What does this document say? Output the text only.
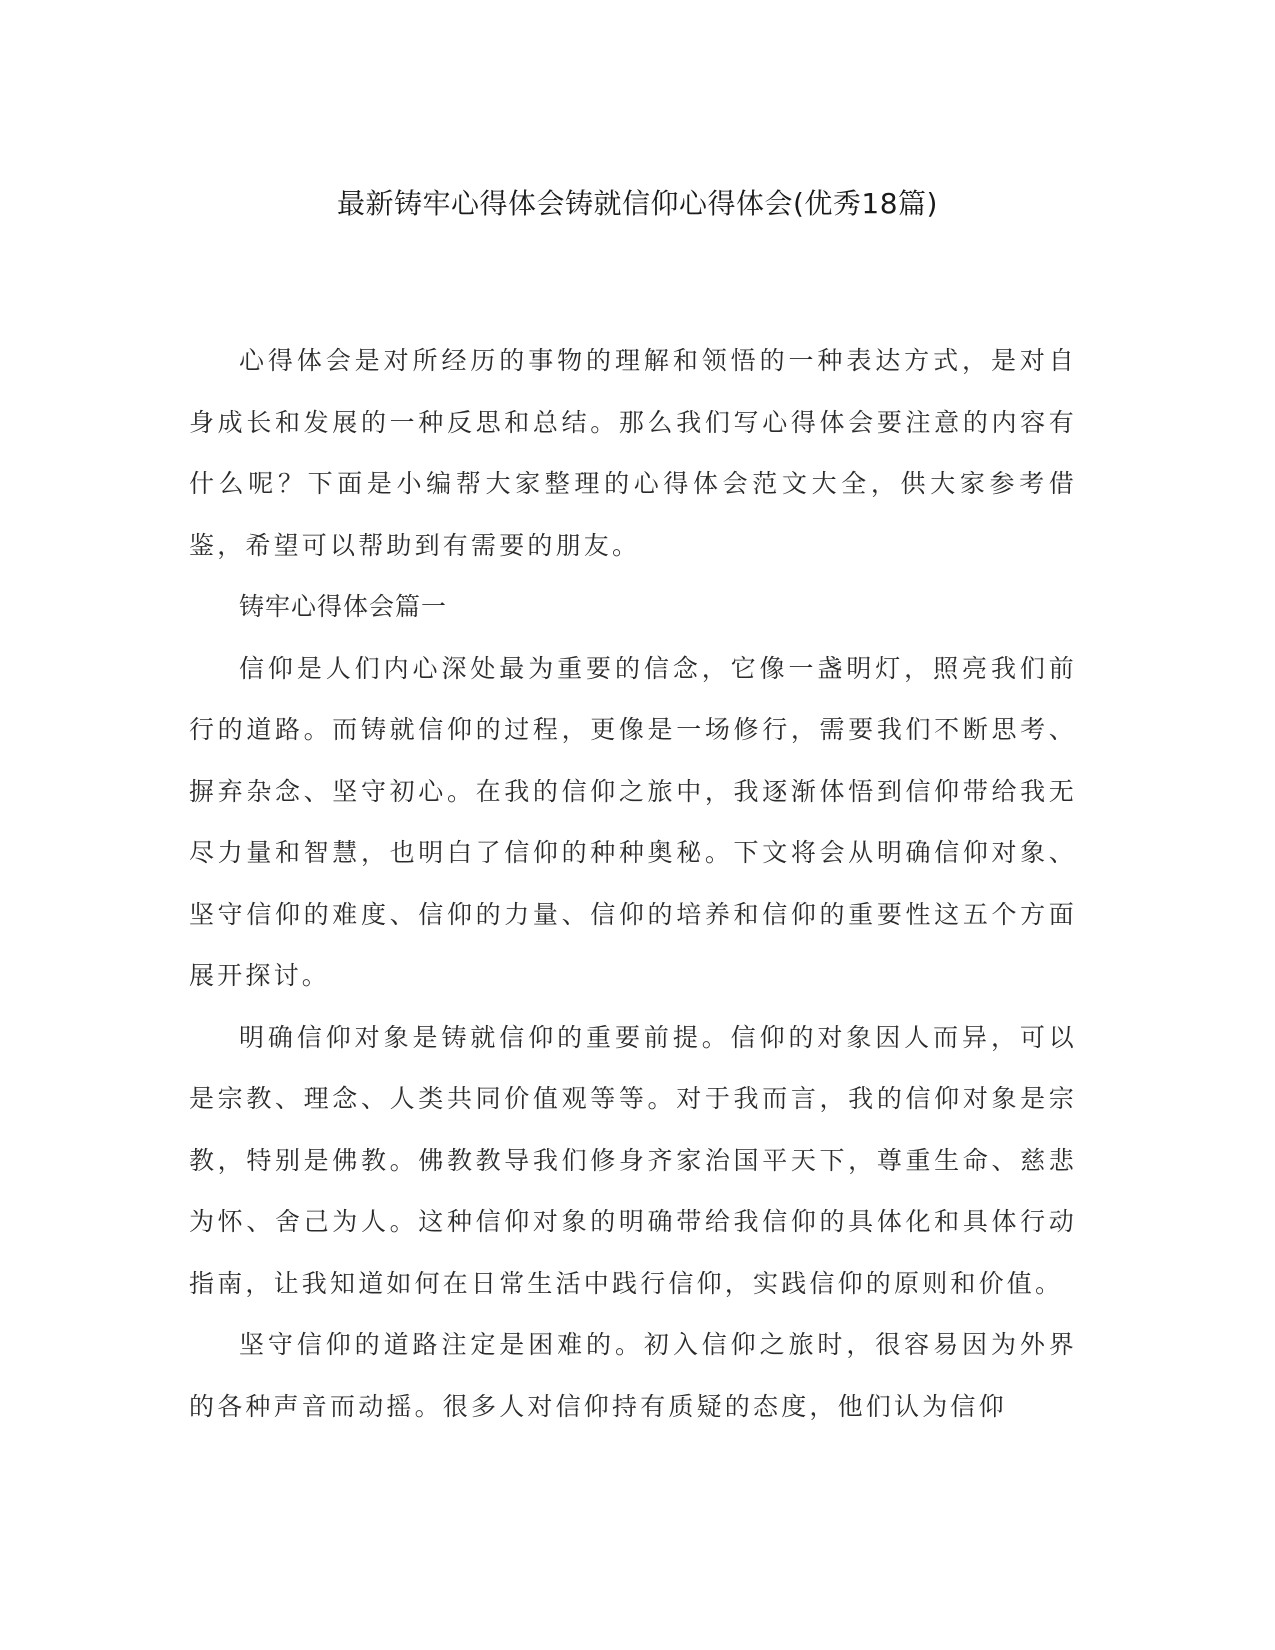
最新铸牢心得体会铸就信仰心得体会(优秀18篇)

心得体会是对所经历的事物的理解和领悟的一种表达方式，是对自身成长和发展的一种反思和总结。那么我们写心得体会要注意的内容有什么呢？下面是小编帮大家整理的心得体会范文大全，供大家参考借鉴，希望可以帮助到有需要的朋友。

铸牢心得体会篇一

信仰是人们内心深处最为重要的信念，它像一盏明灯，照亮我们前行的道路。而铸就信仰的过程，更像是一场修行，需要我们不断思考、摒弃杂念、坚守初心。在我的信仰之旅中，我逐渐体悟到信仰带给我无尽力量和智慧，也明白了信仰的种种奥秘。下文将会从明确信仰对象、坚守信仰的难度、信仰的力量、信仰的培养和信仰的重要性这五个方面展开探讨。

明确信仰对象是铸就信仰的重要前提。信仰的对象因人而异，可以是宗教、理念、人类共同价值观等等。对于我而言，我的信仰对象是宗教，特别是佛教。佛教教导我们修身齐家治国平天下，尊重生命、慈悲为怀、舍己为人。这种信仰对象的明确带给我信仰的具体化和具体行动指南，让我知道如何在日常生活中践行信仰，实践信仰的原则和价值。

坚守信仰的道路注定是困难的。初入信仰之旅时，很容易因为外界的各种声音而动摇。很多人对信仰持有质疑的态度，他们认为信仰
